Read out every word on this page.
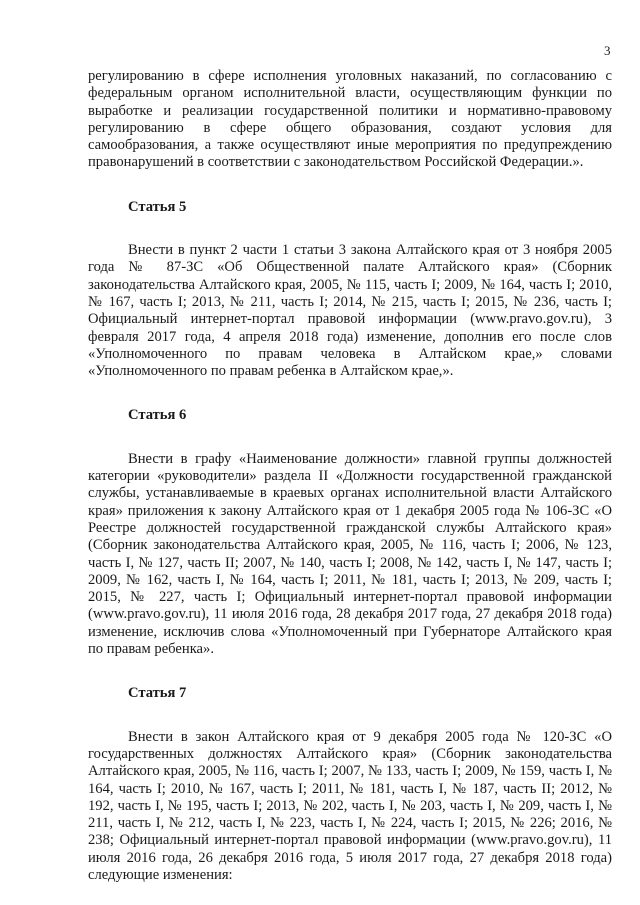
3

регулированию в сфере исполнения уголовных наказаний, по согласованию с федеральным органом исполнительной власти, осуществляющим функции по выработке и реализации государственной политики и нормативно-правовому регулированию в сфере общего образования, создают условия для самообразования, а также осуществляют иные мероприятия по предупреждению правонарушений в соответствии с законодательством Российской Федерации.».

Статья 5

Внести в пункт 2 части 1 статьи 3 закона Алтайского края от 3 ноября 2005 года № 87-ЗС «Об Общественной палате Алтайского края» (Сборник законодательства Алтайского края, 2005, № 115, часть I; 2009, № 164, часть I; 2010, № 167, часть I; 2013, № 211, часть I; 2014, № 215, часть I; 2015, № 236, часть I; Официальный интернет-портал правовой информации (www.pravo.gov.ru), 3 февраля 2017 года, 4 апреля 2018 года) изменение, дополнив его после слов «Уполномоченного по правам человека в Алтайском крае,» словами «Уполномоченного по правам ребенка в Алтайском крае,».

Статья 6

Внести в графу «Наименование должности» главной группы должностей категории «руководители» раздела II «Должности государственной гражданской службы, устанавливаемые в краевых органах исполнительной власти Алтайского края» приложения к закону Алтайского края от 1 декабря 2005 года № 106-ЗС «О Реестре должностей государственной гражданской службы Алтайского края» (Сборник законодательства Алтайского края, 2005, № 116, часть I; 2006, № 123, часть I, № 127, часть II; 2007, № 140, часть I; 2008, № 142, часть I, № 147, часть I; 2009, № 162, часть I, № 164, часть I; 2011, № 181, часть I; 2013, № 209, часть I; 2015, № 227, часть I; Официальный интернет-портал правовой информации (www.pravo.gov.ru), 11 июля 2016 года, 28 декабря 2017 года, 27 декабря 2018 года) изменение, исключив слова «Уполномоченный при Губернаторе Алтайского края по правам ребенка».

Статья 7

Внести в закон Алтайского края от 9 декабря 2005 года № 120-ЗС «О государственных должностях Алтайского края» (Сборник законодательства Алтайского края, 2005, № 116, часть I; 2007, № 133, часть I; 2009, № 159, часть I, № 164, часть I; 2010, № 167, часть I; 2011, № 181, часть I, № 187, часть II; 2012, № 192, часть I, № 195, часть I; 2013, № 202, часть I, № 203, часть I, № 209, часть I, № 211, часть I, № 212, часть I, № 223, часть I, № 224, часть I; 2015, № 226; 2016, № 238; Официальный интернет-портал правовой информации (www.pravo.gov.ru), 11 июля 2016 года, 26 декабря 2016 года, 5 июля 2017 года, 27 декабря 2018 года) следующие изменения:
